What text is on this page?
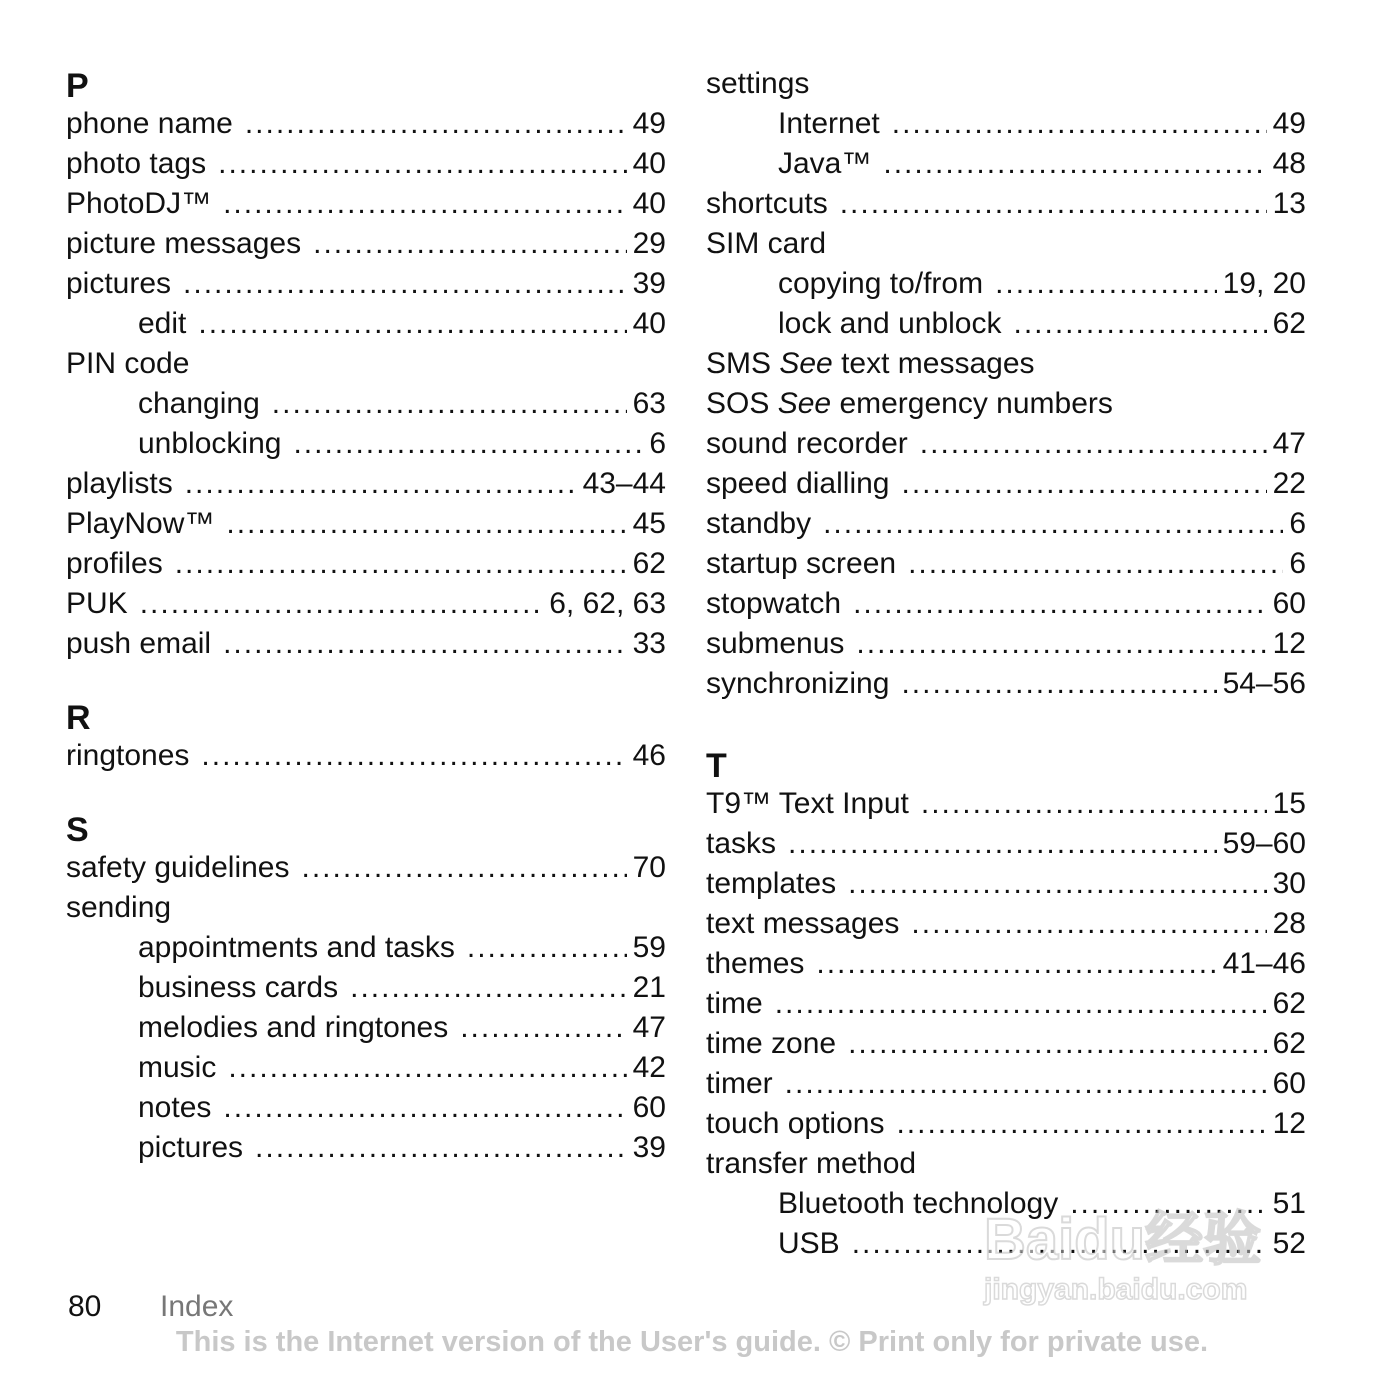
P
phone name .....	49
photo tags .....	40
PhotoDJ™ .....	40
picture messages .....	29
pictures .....	39
edit .....	40
PIN code
changing .....	63
unblocking .....	6
playlists .....	43–44
PlayNow™ .....	45
profiles .....	62
PUK .....	6, 62, 63
push email .....	33
R
ringtones .....	46
S
safety guidelines .....	70
sending
appointments and tasks .....	59
business cards .....	21
melodies and ringtones .....	47
music .....	42
notes .....	60
pictures .....	39
settings
Internet .....	49
Java™ .....	48
shortcuts .....	13
SIM card
copying to/from .....	19, 20
lock and unblock .....	62
SMS See text messages
SOS See emergency numbers
sound recorder .....	47
speed dialling .....	22
standby .....	6
startup screen .....	6
stopwatch .....	60
submenus .....	12
synchronizing .....	54–56
T
T9™ Text Input .....	15
tasks .....	59–60
templates .....	30
text messages .....	28
themes .....	41–46
time .....	62
time zone .....	62
timer .....	60
touch options .....	12
transfer method
Bluetooth technology .....	51
USB .....	52
Baidu经验
jingyan.baidu.com
80 Index
This is the Internet version of the User's guide. © Print only for private use.
